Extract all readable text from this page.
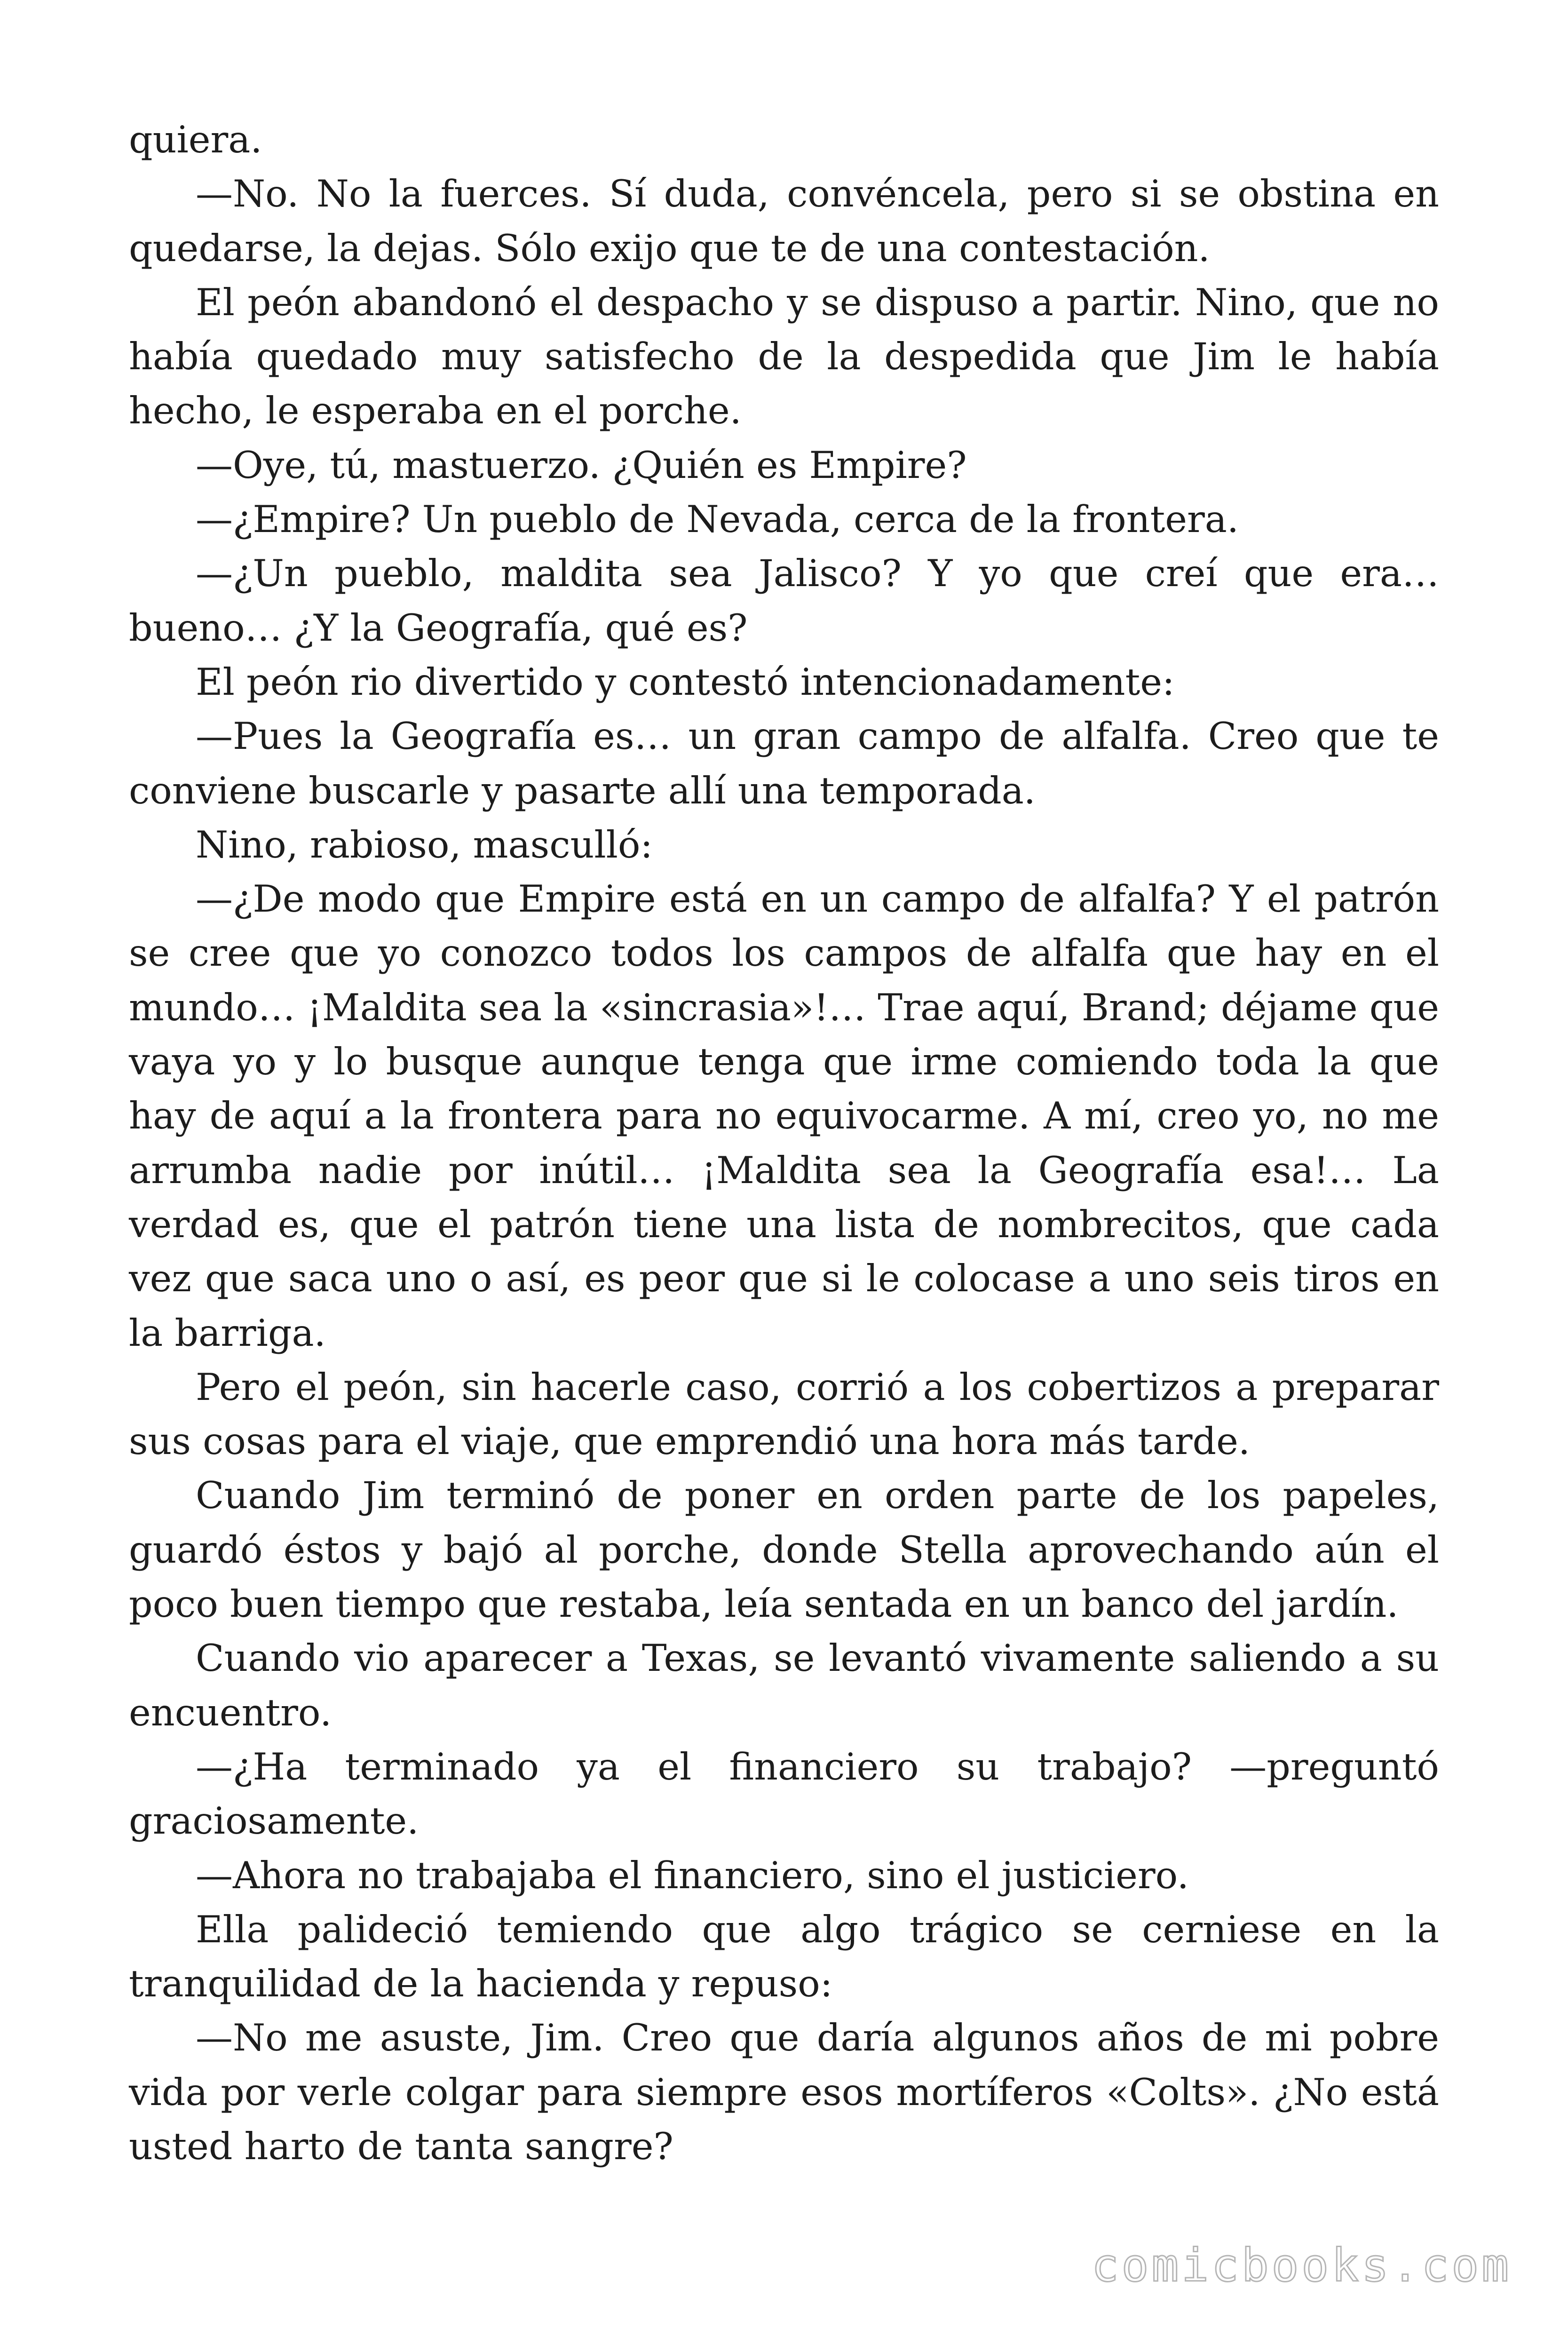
quiera.

—No. No la fuerces. Sí duda, convéncela, pero si se obstina en quedarse, la dejas. Sólo exijo que te de una contestación.

El peón abandonó el despacho y se dispuso a partir. Nino, que no había quedado muy satisfecho de la despedida que Jim le había hecho, le esperaba en el porche.

—Oye, tú, mastuerzo. ¿Quién es Empire?

—¿Empire? Un pueblo de Nevada, cerca de la frontera.

—¿Un pueblo, maldita sea Jalisco? Y yo que creí que era… bueno… ¿Y la Geografía, qué es?

El peón rio divertido y contestó intencionadamente:

—Pues la Geografía es… un gran campo de alfalfa. Creo que te conviene buscarle y pasarte allí una temporada.

Nino, rabioso, mascullό:

—¿De modo que Empire está en un campo de alfalfa? Y el patrón se cree que yo conozco todos los campos de alfalfa que hay en el mundo… ¡Maldita sea la «sincrasia»!… Trae aquí, Brand; déjame que vaya yo y lo busque aunque tenga que irme comiendo toda la que hay de aquí a la frontera para no equivocarme. A mí, creo yo, no me arrumba nadie por inútil… ¡Maldita sea la Geografía esa!… La verdad es, que el patrón tiene una lista de nombrecitos, que cada vez que saca uno o así, es peor que si le colocase a uno seis tiros en la barriga.

Pero el peón, sin hacerle caso, corrió a los cobertizos a preparar sus cosas para el viaje, que emprendió una hora más tarde.

Cuando Jim terminó de poner en orden parte de los papeles, guardó éstos y bajó al porche, donde Stella aprovechando aún el poco buen tiempo que restaba, leía sentada en un banco del jardín.

Cuando vio aparecer a Texas, se levantó vivamente saliendo a su encuentro.

—¿Ha terminado ya el financiero su trabajo? —preguntó graciosamente.

—Ahora no trabajaba el financiero, sino el justiciero.

Ella palideció temiendo que algo trágico se cerniese en la tranquilidad de la hacienda y repuso:

—No me asuste, Jim. Creo que daría algunos años de mi pobre vida por verle colgar para siempre esos mortíferos «Colts». ¿No está usted harto de tanta sangre?

comicbooks.com
